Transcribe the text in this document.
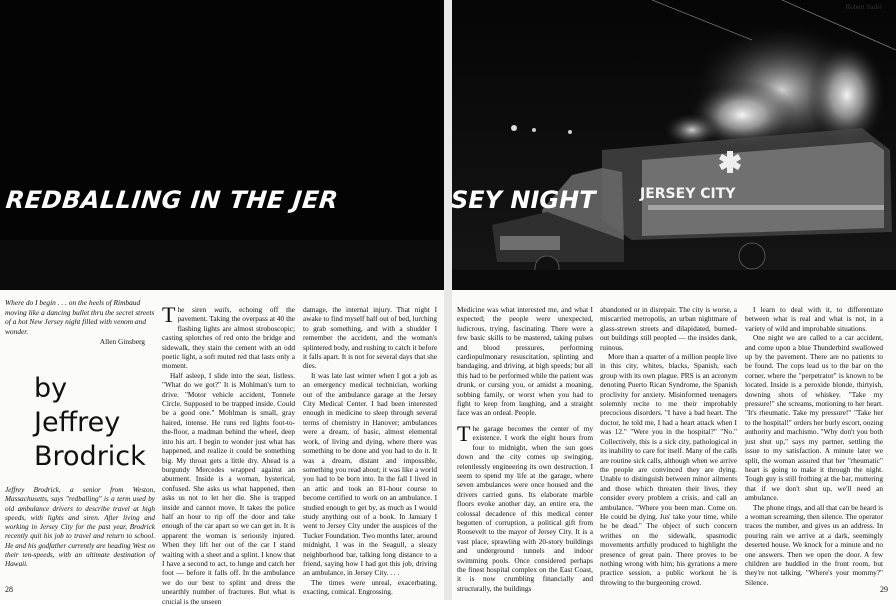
REDBALLING IN THE JER
Where do I begin . . . on the heels of Rimbaud moving like a dancing bullet thru the secret streets of a hot New Jersey night filled with venom and wonder.
Allen Ginsberg
by Jeffrey
Brodrick
Jeffrey Brodrick, a senior from Weston, Massachusetts, says "redballing" is a term used by old ambulance drivers to describe travel at high speeds, with lights and siren. After living and working in Jersey City for the past year, Brodrick recently quit his job to travel and return to school. He and his godfather currently are heading West on their ten-speeds, with an ultimate destination of Hawaii.

The siren wails, echoing off the pavement. Taking the overpass at 40 the flashing lights are almost stroboscopic; casting splotches of red onto the bridge and sidewalk, they stain the cement with an odd poetic light, a soft muted red that lasts only a moment.

Half asleep, I slide into the seat, listless. "What do we got?" It is Mohlman's turn to drive. "Motor vehicle accident, Tonnele Circle. Supposed to be trapped inside. Could be a good one." Mohlman is small, gray haired, intense. He runs red lights foot-to-the-floor, a madman behind the wheel, deep into his art. I begin to wonder just what has happened, and realize it could be something big. My throat gets a little dry. Ahead is a burgundy Mercedes wrapped against an abutment. Inside is a woman, hysterical, confused. She asks us what happened, then asks us not to let her die. She is trapped inside and cannot move. It takes the police half an hour to rip off the door and take enough of the car apart so we can get in. It is apparent the woman is seriously injured. When they lift her out of the car I stand waiting with a sheet and a splint. I know that I have a second to act, to lunge and catch her foot — before it falls off. In the ambulance we do our best to splint and dress the unearthly number of fractures. But what is crucial is the unseen

damage, the internal injury. That night I awake to find myself half out of bed, lurching to grab something, and with a shudder I remember the accident, and the woman's splintered body, and rushing to catch it before it falls apart. It is not for several days that she dies.

It was late last winter when I got a job as an emergency medical technician, working out of the ambulance garage at the Jersey City Medical Center. I had been interested enough in medicine to sleep through several terms of chemistry in Hanover; ambulances were a dream, of basic, almost elemental work, of living and dying, where there was something to be done and you had to do it. It was a dream, distant and impossible, something you read about; it was like a world you had to be born into. In the fall I lived in an attic and took an 81-hour course to become certified to work on an ambulance. I studied enough to get by, as much as I would study anything out of a book. In January I went to Jersey City under the auspices of the Tucker Foundation. Two months later, around midnight, I was in the Seagull, a sleazy neighborhood bar, talking long distance to a friend, saying how I had got this job, driving an ambulance, in Jersey City. . . .

The times were unreal, exacerbating, exacting, comical. Engrossing.

28
Robert Sadel
JERSEY CITY
SEY NIGHT

Medicine was what interested me, and what I expected; the people were unexpected, ludicrous, trying, fascinating. There were a few basic skills to be mastered, taking pulses and blood pressures, performing cardiopulmonary resuscitation, splinting and bandaging, and driving, at high speeds; but all this had to be performed while the patient was drunk, or cursing you, or amidst a moaning, sobbing family, or worst when you had to fight to keep from laughing, and a straight face was an ordeal. People.

The garage becomes the center of my existence. I work the eight hours from four to midnight, when the sun goes down and the city comes up swinging, relentlessly engineering its own destruction. I seem to spend my life at the garage, where seven ambulances were once housed and the drivers carried guns. Its elaborate marble floors evoke another day, an entire era, the colossal decadence of this medical center begotten of corruption, a political gift from Roosevelt to the mayor of Jersey City. It is a vast place, sprawling with 20-story buildings and underground tunnels and indoor swimming pools. Once considered perhaps the finest hospital complex on the East Coast, it is now crumbling financially and structurally, the buildings

abandoned or in disrepair. The city is worse, a miscarried metropolis, an urban nightmare of glass-strewn streets and dilapidated, burned-out buildings still peopled — the insides dank, ruinous.

More than a quarter of a million people live in this city, whites, blacks, Spanish, each group with its own plague. PRS is an acronym denoting Puerto Rican Syndrome, the Spanish proclivity for anxiety. Misinformed teenagers solemnly recite to me their improbably precocious disorders. "I have a bad heart. The doctor, he told me, I had a heart attack when I was 12." "Were you in the hospital?" "No." Collectively, this is a sick city, pathological in its inability to care for itself. Many of the calls are routine sick calls, although when we arrive the people are convinced they are dying. Unable to distinguish between minor ailments and those which threaten their lives, they consider every problem a crisis, and call an ambulance. "Where you been man. Come on. He could be dying. Jus' take your time, while he be dead." The object of such concern writhes on the sidewalk, spasmodic movements artfully produced to highlight the presence of great pain. There proves to be nothing wrong with him; his gyrations a mere practice session, a public workout he is throwing to the burgeoning crowd.

I learn to deal with it, to differentiate between what is real and what is not, in a variety of wild and improbable situations.

One night we are called to a car accident, and come upon a blue Thunderbird swallowed up by the pavement. There are no patients to be found. The cops lead us to the bar on the corner, where the "perpetrator" is known to be located. Inside is a peroxide blonde, thirtyish, downing shots of whiskey. "Take my pressure!" she screams, motioning to her heart. "It's rheumatic. Take my pressure!" "Take her to the hospital!" orders her burly escort, oozing authority and machismo. "Why don't you both just shut up," says my partner, settling the issue to my satisfaction. A minute later we split, the woman assured that her "rheumatic" heart is going to make it through the night. Tough guy is still frothing at the bar, muttering that if we don't shut up, we'll need an ambulance.

The phone rings, and all that can be heard is a woman screaming, then silence. The operator traces the number, and gives us an address. In pouring rain we arrive at a dark, seemingly deserted house. We knock for a minute and no one answers. Then we open the door. A few children are huddled in the front room, but they're not talking. "Where's your mommy?" Silence.

29
